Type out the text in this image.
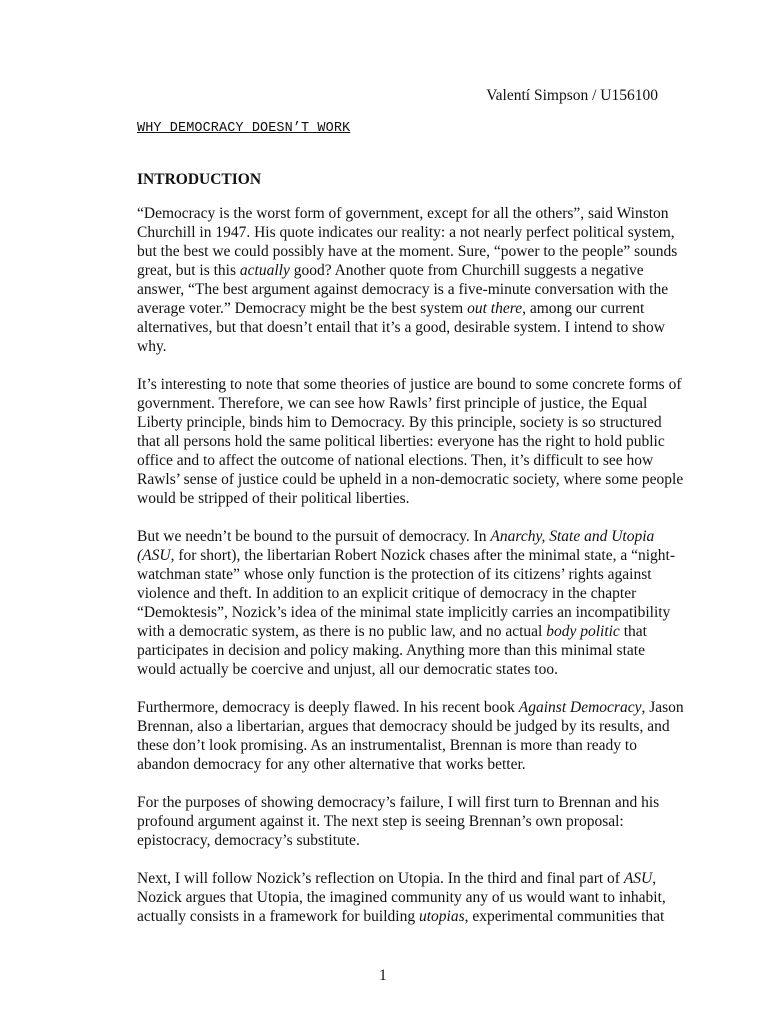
Valentí Simpson / U156100
WHY DEMOCRACY DOESN’T WORK
INTRODUCTION
“Democracy is the worst form of government, except for all the others”, said Winston
Churchill in 1947. His quote indicates our reality: a not nearly perfect political system,
but the best we could possibly have at the moment. Sure, “power to the people” sounds
great, but is this actually good? Another quote from Churchill suggests a negative
answer, “The best argument against democracy is a five-minute conversation with the
average voter.” Democracy might be the best system out there, among our current
alternatives, but that doesn’t entail that it’s a good, desirable system. I intend to show
why.
It’s interesting to note that some theories of justice are bound to some concrete forms of
government. Therefore, we can see how Rawls’ first principle of justice, the Equal
Liberty principle, binds him to Democracy. By this principle, society is so structured
that all persons hold the same political liberties: everyone has the right to hold public
office and to affect the outcome of national elections. Then, it’s difficult to see how
Rawls’ sense of justice could be upheld in a non-democratic society, where some people
would be stripped of their political liberties.
But we needn’t be bound to the pursuit of democracy. In Anarchy, State and Utopia
(ASU, for short), the libertarian Robert Nozick chases after the minimal state, a “night-
watchman state” whose only function is the protection of its citizens’ rights against
violence and theft. In addition to an explicit critique of democracy in the chapter
“Demoktesis”, Nozick’s idea of the minimal state implicitly carries an incompatibility
with a democratic system, as there is no public law, and no actual body politic that
participates in decision and policy making. Anything more than this minimal state
would actually be coercive and unjust, all our democratic states too.
Furthermore, democracy is deeply flawed. In his recent book Against Democracy, Jason
Brennan, also a libertarian, argues that democracy should be judged by its results, and
these don’t look promising. As an instrumentalist, Brennan is more than ready to
abandon democracy for any other alternative that works better.
For the purposes of showing democracy’s failure, I will first turn to Brennan and his
profound argument against it. The next step is seeing Brennan’s own proposal:
epistocracy, democracy’s substitute.
Next, I will follow Nozick’s reflection on Utopia. In the third and final part of ASU,
Nozick argues that Utopia, the imagined community any of us would want to inhabit,
actually consists in a framework for building utopias, experimental communities that
1
